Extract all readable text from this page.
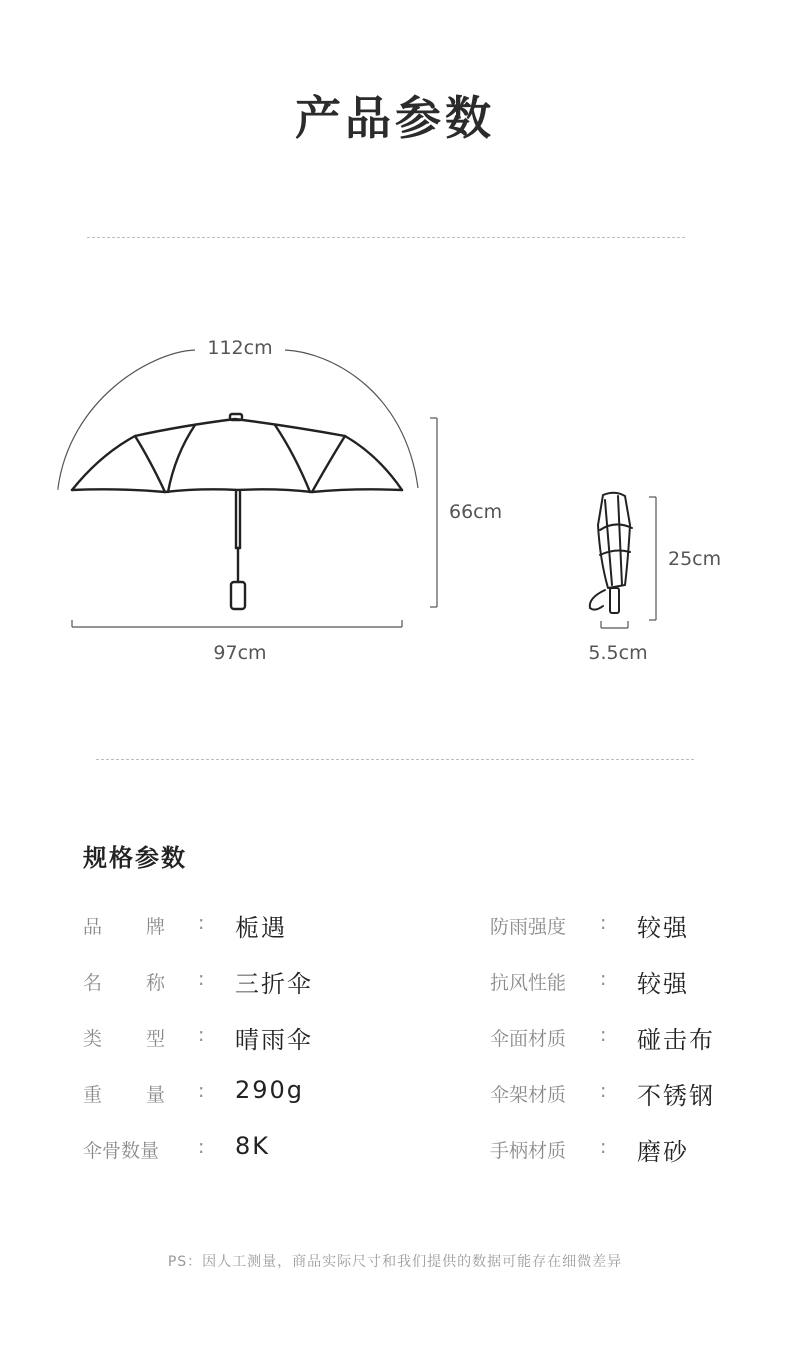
产品参数
112cm
66cm
97cm
25cm
5.5cm
规格参数
品 牌 : 栀遇
名 称 : 三折伞
类 型 : 晴雨伞
重 量 : 290g
伞骨数量 : 8K
防雨强度 : 较强
抗风性能 : 较强
伞面材质 : 碰击布
伞架材质 : 不锈钢
手柄材质 : 磨砂
PS：因人工测量，商品实际尺寸和我们提供的数据可能存在细微差异
